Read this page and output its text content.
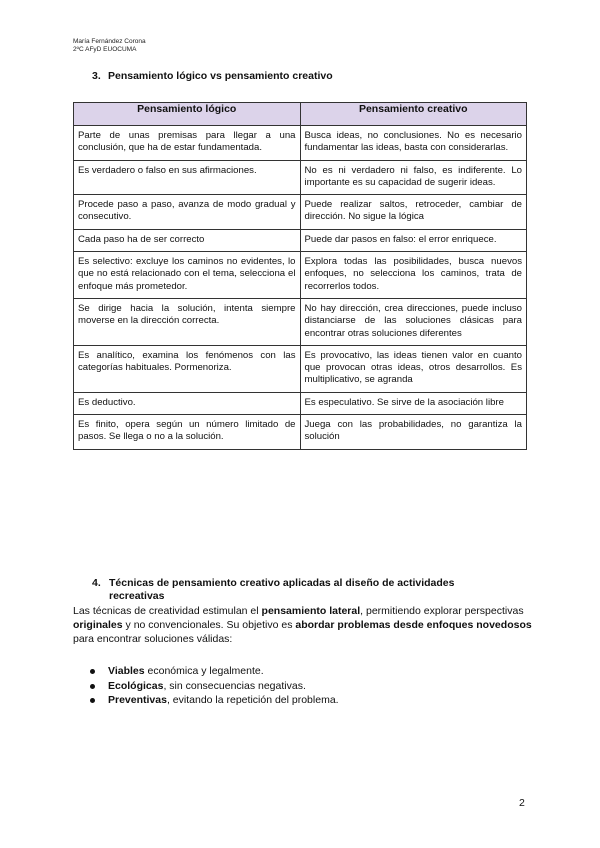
María Fernández Corona
2ºC AFyD EUOCUMA
3. Pensamiento lógico vs pensamiento creativo
Pensamiento lógico	Pensamiento creativo
Parte de unas premisas para llegar a una conclusión, que ha de estar fundamentada.	Busca ideas, no conclusiones. No es necesario fundamentar las ideas, basta con considerarlas.
Es verdadero o falso en sus afirmaciones.	No es ni verdadero ni falso, es indiferente. Lo importante es su capacidad de sugerir ideas.
Procede paso a paso, avanza de modo gradual y consecutivo.	Puede realizar saltos, retroceder, cambiar de dirección. No sigue la lógica
Cada paso ha de ser correcto	Puede dar pasos en falso: el error enriquece.
Es selectivo: excluye los caminos no evidentes, lo que no está relacionado con el tema, selecciona el enfoque más prometedor.	Explora todas las posibilidades, busca nuevos enfoques, no selecciona los caminos, trata de recorrerlos todos.
Se dirige hacia la solución, intenta siempre moverse en la dirección correcta.	No hay dirección, crea direcciones, puede incluso distanciarse de las soluciones clásicas para encontrar otras soluciones diferentes
Es analítico, examina los fenómenos con las categorías habituales. Pormenoriza.	Es provocativo, las ideas tienen valor en cuanto que provocan otras ideas, otros desarrollos. Es multiplicativo, se agranda
Es deductivo.	Es especulativo. Se sirve de la asociación libre
Es finito, opera según un número limitado de pasos. Se llega o no a la solución.	Juega con las probabilidades, no garantiza la solución
4. Técnicas de pensamiento creativo aplicadas al diseño de actividades recreativas
Las técnicas de creatividad estimulan el pensamiento lateral, permitiendo explorar perspectivas originales y no convencionales. Su objetivo es abordar problemas desde enfoques novedosos para encontrar soluciones válidas:
Viables económica y legalmente.
Ecológicas, sin consecuencias negativas.
Preventivas, evitando la repetición del problema.
2
